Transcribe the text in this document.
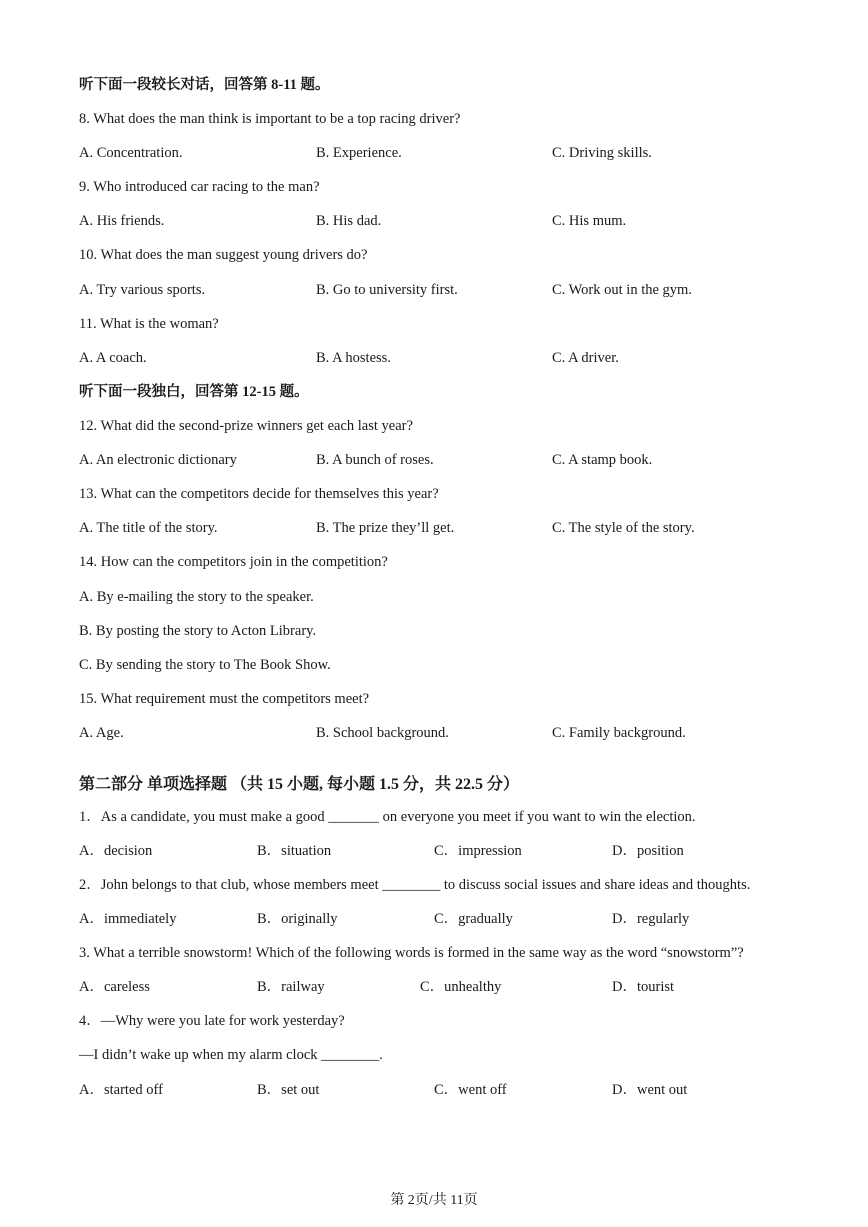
听下面一段较长对话，回答第 8-11 题。
8. What does the man think is important to be a top racing driver?
A. Concentration.	B. Experience.	C. Driving skills.
9. Who introduced car racing to the man?
A. His friends.	B. His dad.	C. His mum.
10. What does the man suggest young drivers do?
A. Try various sports.	B. Go to university first.	C. Work out in the gym.
11. What is the woman?
A. A coach.	B. A hostess.	C. A driver.
听下面一段独白，回答第 12-15 题。
12. What did the second-prize winners get each last year?
A. An electronic dictionary	B. A bunch of roses.	C. A stamp book.
13. What can the competitors decide for themselves this year?
A. The title of the story.	B. The prize they’ll get.	C. The style of the story.
14. How can the competitors join in the competition?
A. By e-mailing the story to the speaker.
B. By posting the story to Acton Library.
C. By sending the story to The Book Show.
15. What requirement must the competitors meet?
A. Age.	B. School background.	C. Family background.
第二部分 单项选择题 （共 15 小题, 每小题 1.5 分，共 22.5 分）
1．As a candidate, you must make a good _______ on everyone you meet if you want to win the election.
A．decision	B．situation	C．impression	D．position
2．John belongs to that club, whose members meet ________ to discuss social issues and share ideas and thoughts.
A．immediately	B．originally	C．gradually	D．regularly
3. What a terrible snowstorm! Which of the following words is formed in the same way as the word “snowstorm”?
A．careless	B．railway	C．unhealthy	D．tourist
4．—Why were you late for work yesterday?
—I didn’t wake up when my alarm clock ________.
A．started off	B．set out	C．went off	D．went out
第 2页/共 11页
